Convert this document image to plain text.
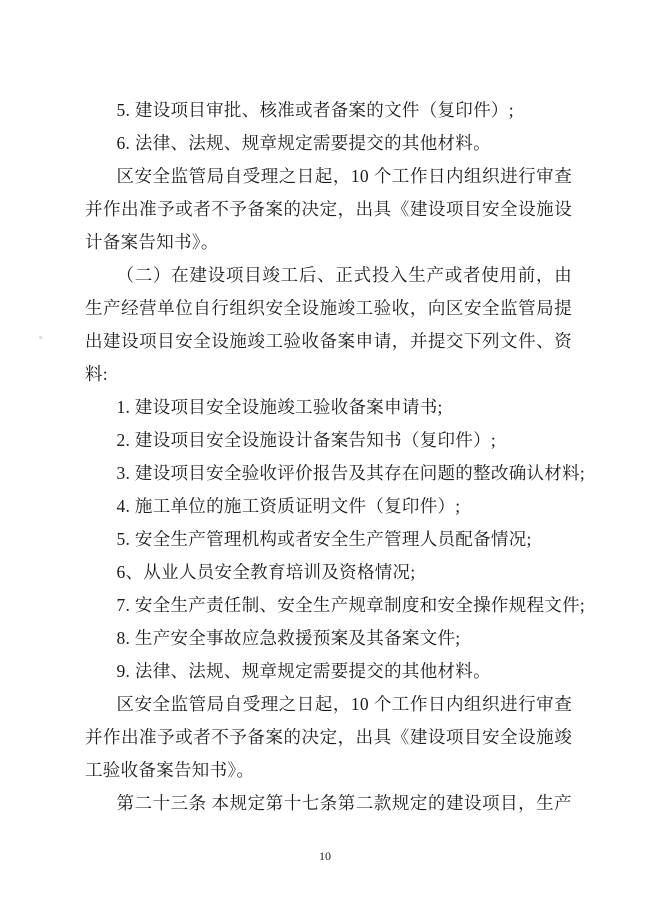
5. 建设项目审批、核准或者备案的文件（复印件）;
6. 法律、法规、规章规定需要提交的其他材料。
区安全监管局自受理之日起，10 个工作日内组织进行审查
并作出准予或者不予备案的决定，出具《建设项目安全设施设
计备案告知书》。
（二）在建设项目竣工后、正式投入生产或者使用前，由
生产经营单位自行组织安全设施竣工验收，向区安全监管局提
出建设项目安全设施竣工验收备案申请，并提交下列文件、资
料:
1. 建设项目安全设施竣工验收备案申请书;
2. 建设项目安全设施设计备案告知书（复印件）;
3. 建设项目安全验收评价报告及其存在问题的整改确认材料;
4. 施工单位的施工资质证明文件（复印件）;
5. 安全生产管理机构或者安全生产管理人员配备情况;
6、从业人员安全教育培训及资格情况;
7. 安全生产责任制、安全生产规章制度和安全操作规程文件;
8. 生产安全事故应急救援预案及其备案文件;
9. 法律、法规、规章规定需要提交的其他材料。
区安全监管局自受理之日起，10 个工作日内组织进行审查
并作出准予或者不予备案的决定，出具《建设项目安全设施竣
工验收备案告知书》。
第二十三条 本规定第十七条第二款规定的建设项目，生产
10
